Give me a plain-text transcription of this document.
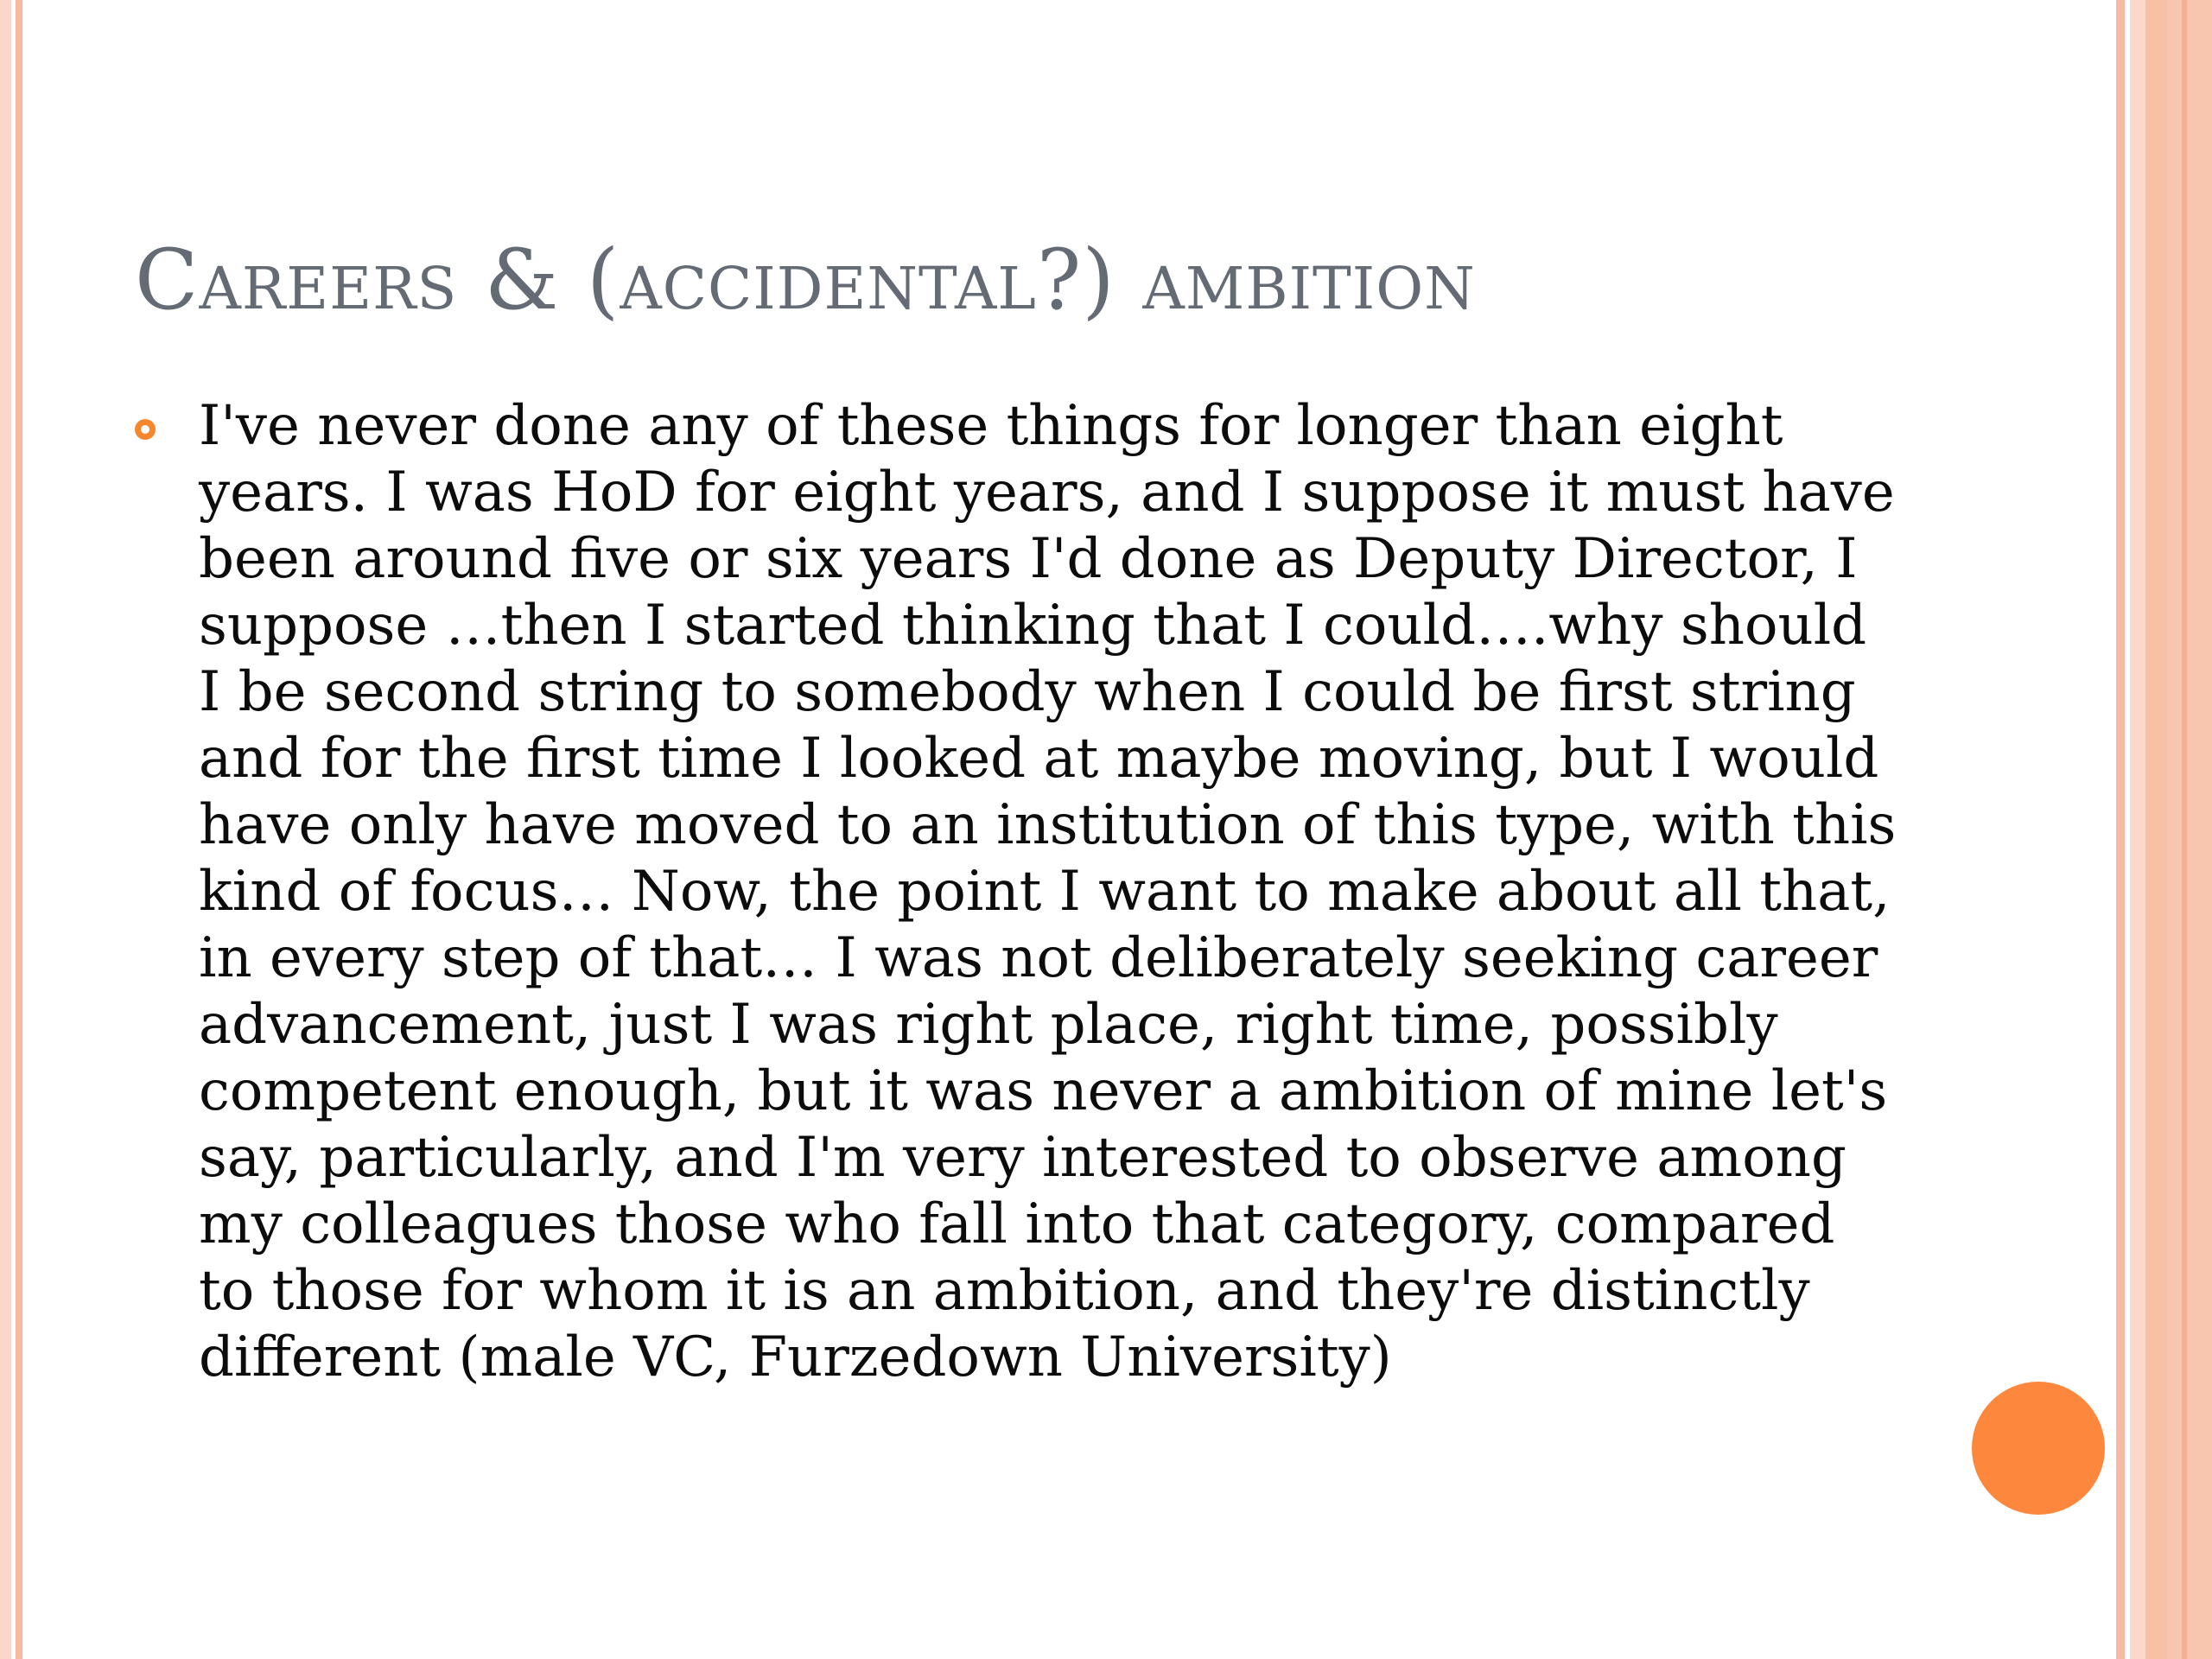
Careers & (accidental?) ambition
I've never done any of these things for longer than eight years. I was HoD for eight years, and I suppose it must have been around five or six years I'd done as Deputy Director, I suppose …then I started thinking that I could….why should I be second string to somebody when I could be first string and for the first time I looked at maybe moving, but I would have only have moved to an institution of this type, with this kind of focus… Now, the point I want to make about all that, in every step of that… I was not deliberately seeking career advancement, just I was right place, right time, possibly competent enough, but it was never a ambition of mine let's say, particularly, and I'm very interested to observe among my colleagues those who fall into that category, compared to those for whom it is an ambition, and they're distinctly different (male VC, Furzedown University)
